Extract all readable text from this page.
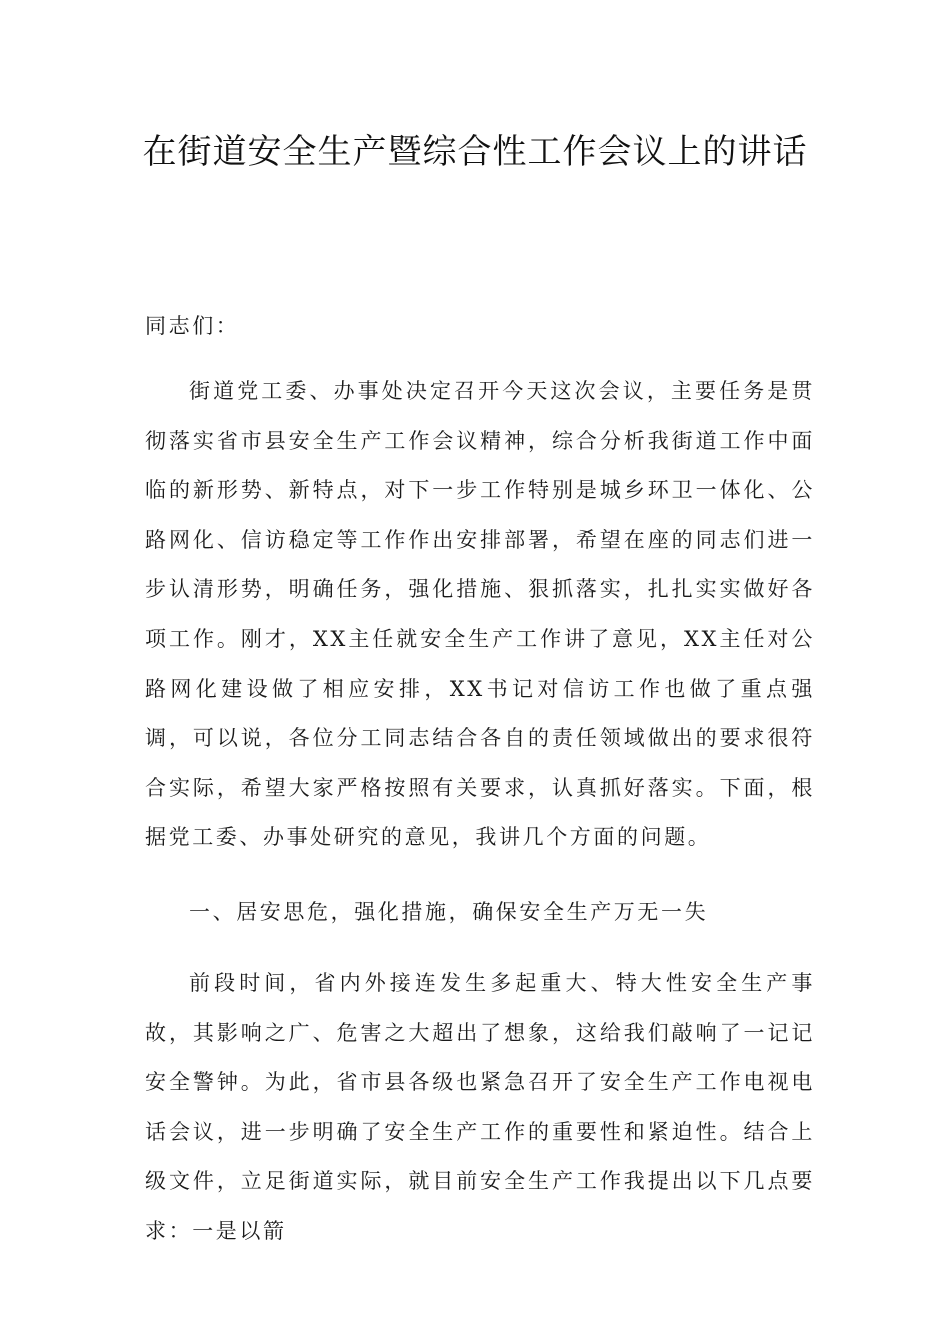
在街道安全生产暨综合性工作会议上的讲话

同志们：

街道党工委、办事处决定召开今天这次会议，主要任务是贯彻落实省市县安全生产工作会议精神，综合分析我街道工作中面临的新形势、新特点，对下一步工作特别是城乡环卫一体化、公路网化、信访稳定等工作作出安排部署，希望在座的同志们进一步认清形势，明确任务，强化措施、狠抓落实，扎扎实实做好各项工作。刚才，XX主任就安全生产工作讲了意见，XX主任对公路网化建设做了相应安排，XX书记对信访工作也做了重点强调，可以说，各位分工同志结合各自的责任领域做出的要求很符合实际，希望大家严格按照有关要求，认真抓好落实。下面，根据党工委、办事处研究的意见，我讲几个方面的问题。

一、居安思危，强化措施，确保安全生产万无一失

前段时间，省内外接连发生多起重大、特大性安全生产事故，其影响之广、危害之大超出了想象，这给我们敲响了一记记安全警钟。为此，省市县各级也紧急召开了安全生产工作电视电话会议，进一步明确了安全生产工作的重要性和紧迫性。结合上级文件，立足街道实际，就目前安全生产工作我提出以下几点要求：一是以箭
